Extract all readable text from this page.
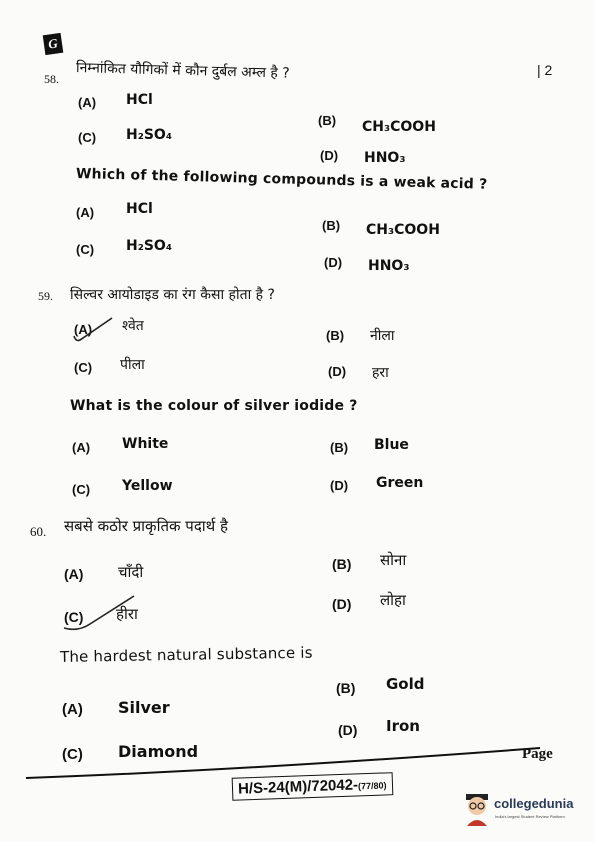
G
| 2
58. निम्नांकित यौगिकों में कौन दुर्बल अम्ल है ?
(A) HCl
(B) CH₃COOH
(C) H₂SO₄
(D) HNO₃
Which of the following compounds is a weak acid ?
(A) HCl
(B) CH₃COOH
(C) H₂SO₄
(D) HNO₃
59. सिल्वर आयोडाइड का रंग कैसा होता है ?
(A) श्वेत
(B) नीला
(C) पीला	(D) हरा
What is the colour of silver iodide ?
(A) White	(B) Blue
(C) Yellow	(D) Green
60. सबसे कठोर प्राकृतिक पदार्थ है
(A) चाँदी	(B) सोना
(C) हीरा
(D) लोहा
The hardest natural substance is
(A) Silver
(B) Gold
(C) Diamond
(D) Iron
Page
H/S-24(M)/72042-(77/80)
collegedunia
India's largest Student Review Platform
